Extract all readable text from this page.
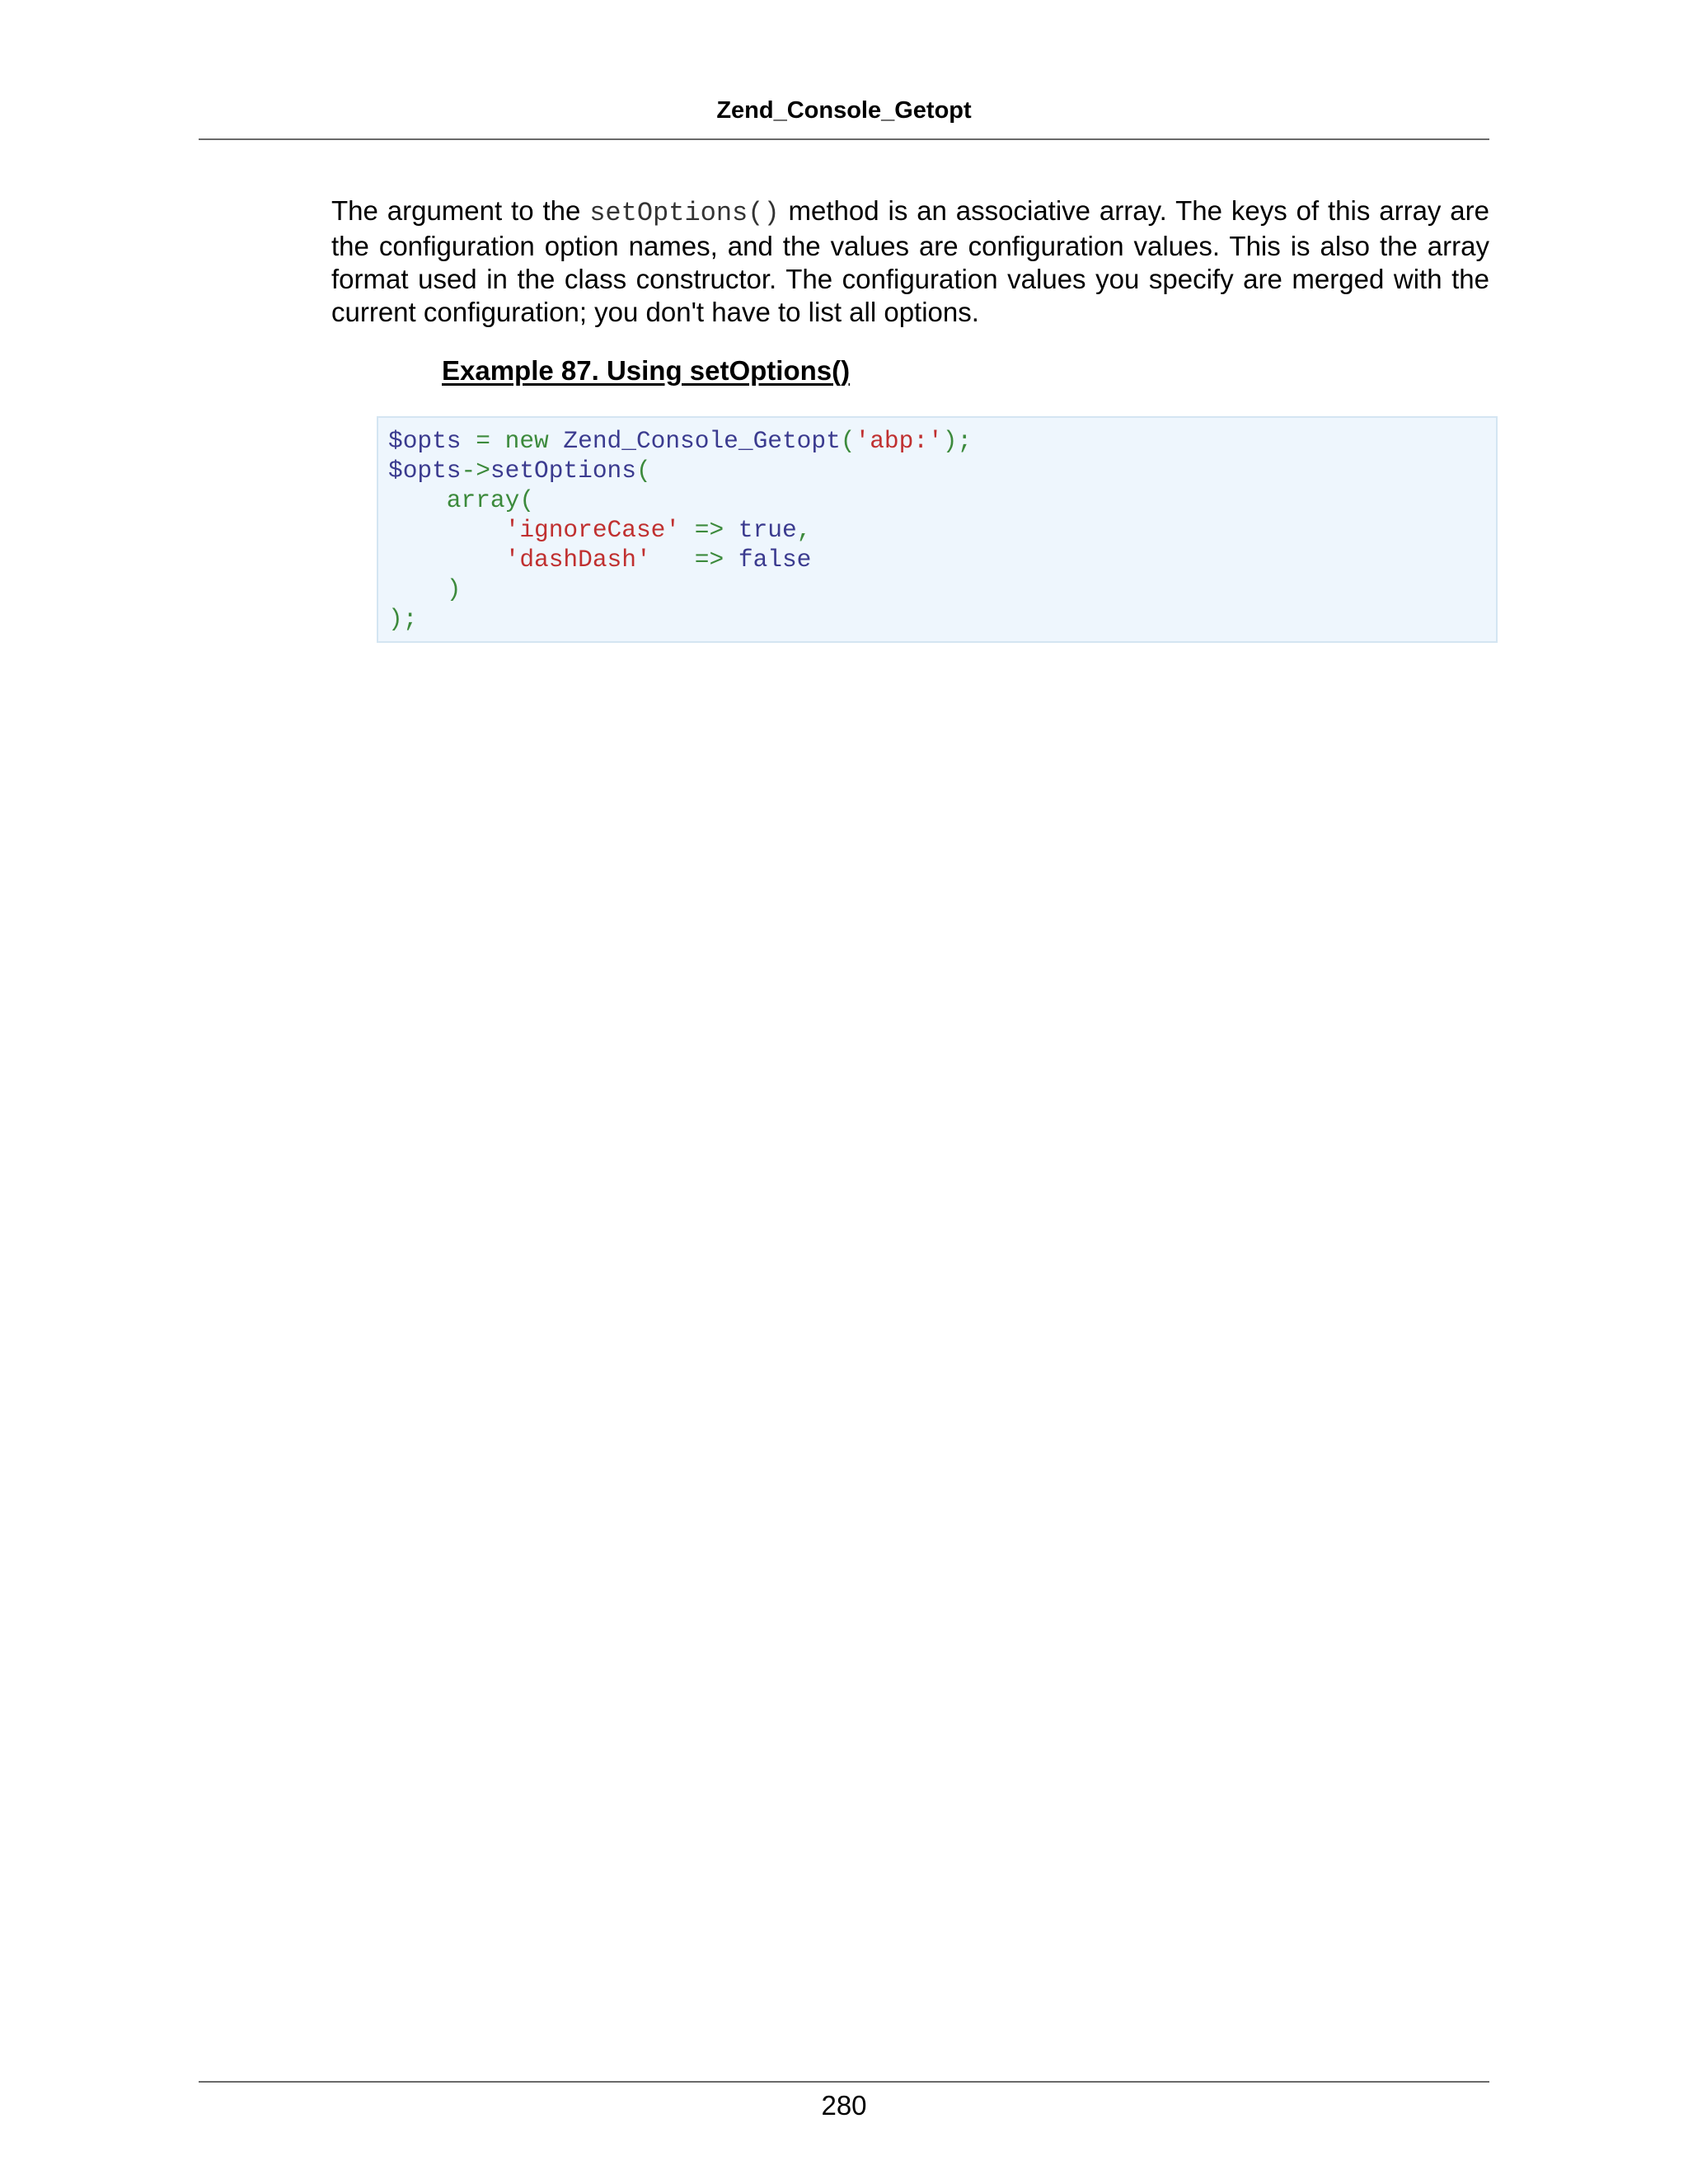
Zend_Console_Getopt

The argument to the setOptions() method is an associative array. The keys of this array are the configuration option names, and the values are configuration values. This is also the array format used in the class constructor. The configuration values you specify are merged with the current configuration; you don't have to list all options.

Example 87. Using setOptions()
$opts = new Zend_Console_Getopt('abp:');
$opts->setOptions(
array(
'ignoreCase' => true,
'dashDash'   => false
)
);
280
